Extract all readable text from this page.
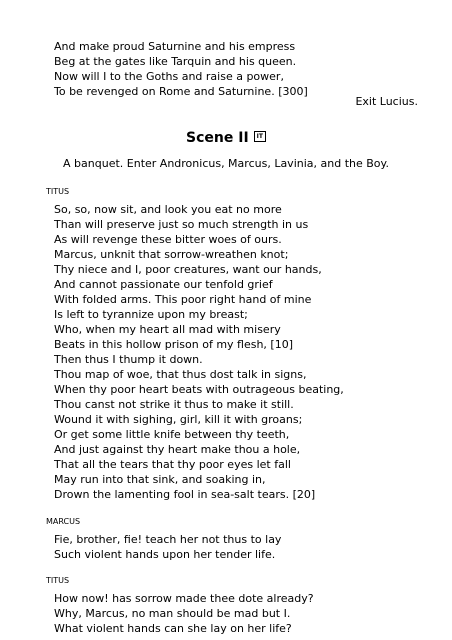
And make proud Saturnine and his empress
Beg at the gates like Tarquin and his queen.
Now will I to the Goths and raise a power,
To be revenged on Rome and Saturnine. [300]
Exit Lucius.
Scene II IT
A banquet. Enter Andronicus, Marcus, Lavinia, and the Boy.
TITUS
So, so, now sit, and look you eat no more
Than will preserve just so much strength in us
As will revenge these bitter woes of ours.
Marcus, unknit that sorrow-wreathen knot;
Thy niece and I, poor creatures, want our hands,
And cannot passionate our tenfold grief
With folded arms. This poor right hand of mine
Is left to tyrannize upon my breast;
Who, when my heart all mad with misery
Beats in this hollow prison of my flesh, [10]
Then thus I thump it down.
Thou map of woe, that thus dost talk in signs,
When thy poor heart beats with outrageous beating,
Thou canst not strike it thus to make it still.
Wound it with sighing, girl, kill it with groans;
Or get some little knife between thy teeth,
And just against thy heart make thou a hole,
That all the tears that thy poor eyes let fall
May run into that sink, and soaking in,
Drown the lamenting fool in sea-salt tears. [20]
MARCUS
Fie, brother, fie! teach her not thus to lay
Such violent hands upon her tender life.
TITUS
How now! has sorrow made thee dote already?
Why, Marcus, no man should be mad but I.
What violent hands can she lay on her life?
